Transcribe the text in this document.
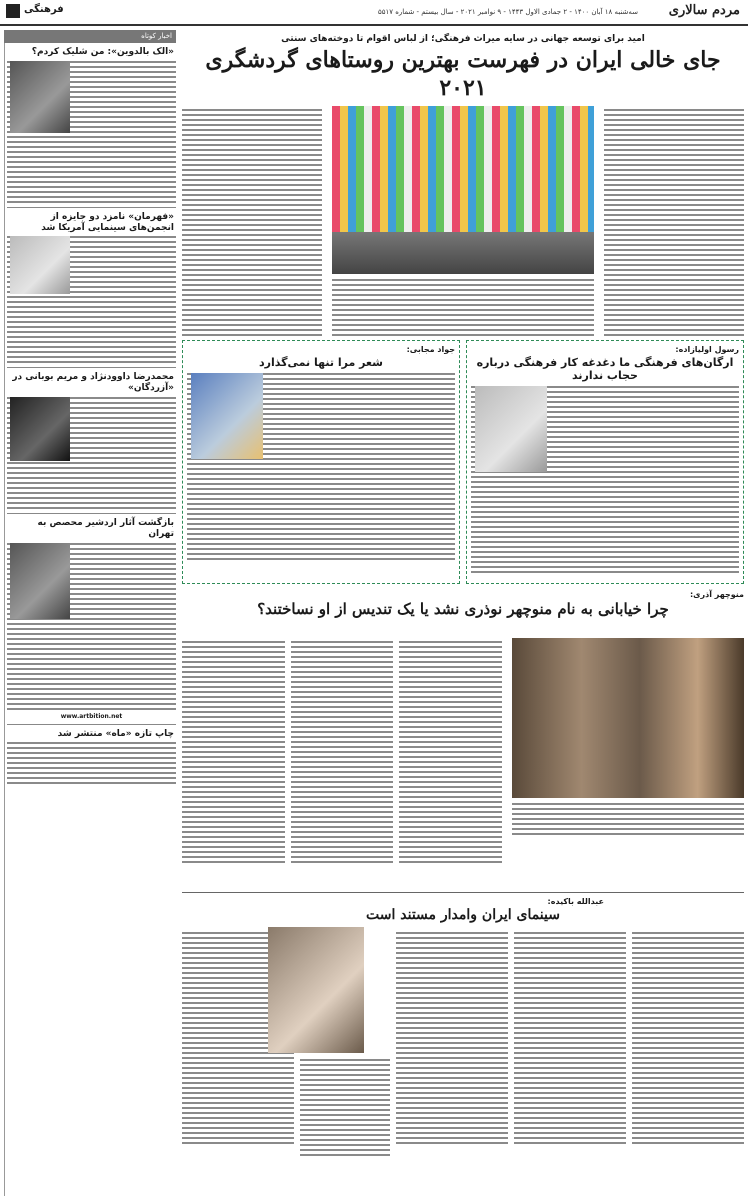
مردم سالاری
سه‌شنبه ۱۸ آبان ۱۴۰۰ - ۲ جمادی الاول ۱۴۴۳ - ۹ نوامبر ۲۰۲۱ - سال بیستم - شماره ۵۵۱۷
فرهنگی
اخبار کوتاه
«الک بالدوین»: من شلیک کردم؟
«فهرمان» نامزد دو جایزه از انجمن‌های سینمایی آمریکا شد
محمدرضا داوودنژاد و مریم بوبانی در «آزردگان»
بازگشت آثار اردشیر محصص به تهران
www.artbition.net
چاپ تازه «ماه» منتشر شد
امید برای توسعه جهانی در سایه میراث فرهنگی؛ از لباس اقوام تا دوخته‌های سنتی
جای خالی ایران در فهرست بهترین روستاهای گردشگری ۲۰۲۱
رسول اولیازاده:
ارگان‌های فرهنگی ما دغدغه کار فرهنگی درباره حجاب ندارند
جواد مجابی:
شعر مرا تنها نمی‌گذارد
منوچهر آذری:
چرا خیابانی به نام منوچهر نوذری نشد یا یک تندیس از او نساختند؟
عبدالله باکیده:
سینمای ایران وامدار مستند است
